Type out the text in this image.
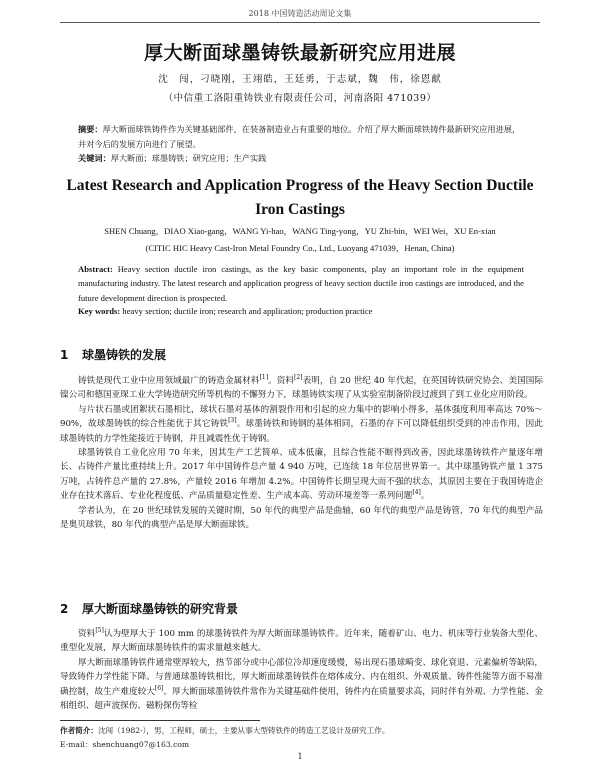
2018 中国铸造活动周论文集
厚大断面球墨铸铁最新研究应用进展
沈　闯，刁晓刚，王翊皓，王廷勇，于志斌，魏　伟，徐恩献
（中信重工洛阳重铸铁业有限责任公司，河南洛阳 471039）
摘要：厚大断面球铁铸件作为关键基础部件，在装备制造业占有重要的地位。介绍了厚大断面球铁铸件最新研究应用进展，并对今后的发展方向进行了展望。
关键词：厚大断面；球墨铸铁；研究应用；生产实践
Latest Research and Application Progress of the Heavy Section Ductile Iron Castings
SHEN Chuang，DIAO Xiao-gang，WANG Yi-hao，WANG Ting-yong，YU Zhi-bin，WEI Wei，XU En-xian
(CITIC HIC Heavy Cast-Iron Metal Foundry Co., Ltd., Luoyang 471039，Henan, China)
Abstract: Heavy section ductile iron castings, as the key basic components, play an important role in the equipment manufacturing industry. The latest research and application progress of heavy section ductile iron castings are introduced, and the future development direction is prospected.
Key words: heavy section; ductile iron; research and application; production practice
1 球墨铸铁的发展

铸铁是现代工业中应用领域最广的铸造金属材料[1]。资料[2]表明，自 20 世纪 40 年代起，在英国铸铁研究协会、美国国际镍公司和德国亚琛工业大学铸造研究所等机构的不懈努力下，球墨铸铁实现了从实验室制备阶段过渡到了到工业化应用阶段。

与片状石墨或团絮状石墨相比，球状石墨对基体的割裂作用和引起的应力集中的影响小得多，基体强度利用率高达 70%～90%，故球墨铸铁的综合性能优于其它铸铁[3]。球墨铸铁和铸钢的基体相同，石墨的存下可以降低组织受到的冲击作用，因此球墨铸铁的力学性能接近于铸钢，并且减震性优于铸钢。

球墨铸铁自工业化应用 70 年来，因其生产工艺简单、成本低廉，且综合性能不断得到改善，因此球墨铸铁件产量逐年增长、占铸件产量比重持续上升。2017 年中国铸件总产量 4 940 万吨，已连续 18 年位居世界第一。其中球墨铸铁产量 1 375 万吨，占铸件总产量的 27.8%，产量较 2016 年增加 4.2%。中国铸件长期呈现大而不强的状态，其原因主要在于我国铸造企业存在技术落后、专业化程度低、产品质量稳定性差、生产成本高、劳动环境差等一系列问题[4]。

学者认为，在 20 世纪球铁发展的关键时期，50 年代的典型产品是曲轴，60 年代的典型产品是铸管，70 年代的典型产品是奥贝球铁，80 年代的典型产品是厚大断面球铁。

2 厚大断面球墨铸铁的研究背景

资料[5]认为壁厚大于 100 mm 的球墨铸铁件为厚大断面球墨铸铁件。近年来，随着矿山、电力、机床等行业装备大型化、重型化发展，厚大断面球墨铸铁件的需求量越来越大。

厚大断面球墨铸铁件通常壁厚较大，热节部分或中心部位冷却速度缓慢，易出现石墨球畸变、球化衰退、元素偏析等缺陷，导致铸件力学性能下降。与普通球墨铸铁相比，厚大断面球墨铸铁件在熔体成分、内在组织、外观质量、铸件性能等方面不易准确控制，故生产难度较大[6]。厚大断面球墨铸铁件常作为关键基础件使用，铸件内在质量要求高，同时伴有外观、力学性能、金相组织、超声波探伤、磁粉探伤等检

作者简介：沈闯（1982-），男，工程师，硕士，主要从事大型铸铁件的铸造工艺设计及研究工作。
E-mail：shenchuang07@163.com
1
